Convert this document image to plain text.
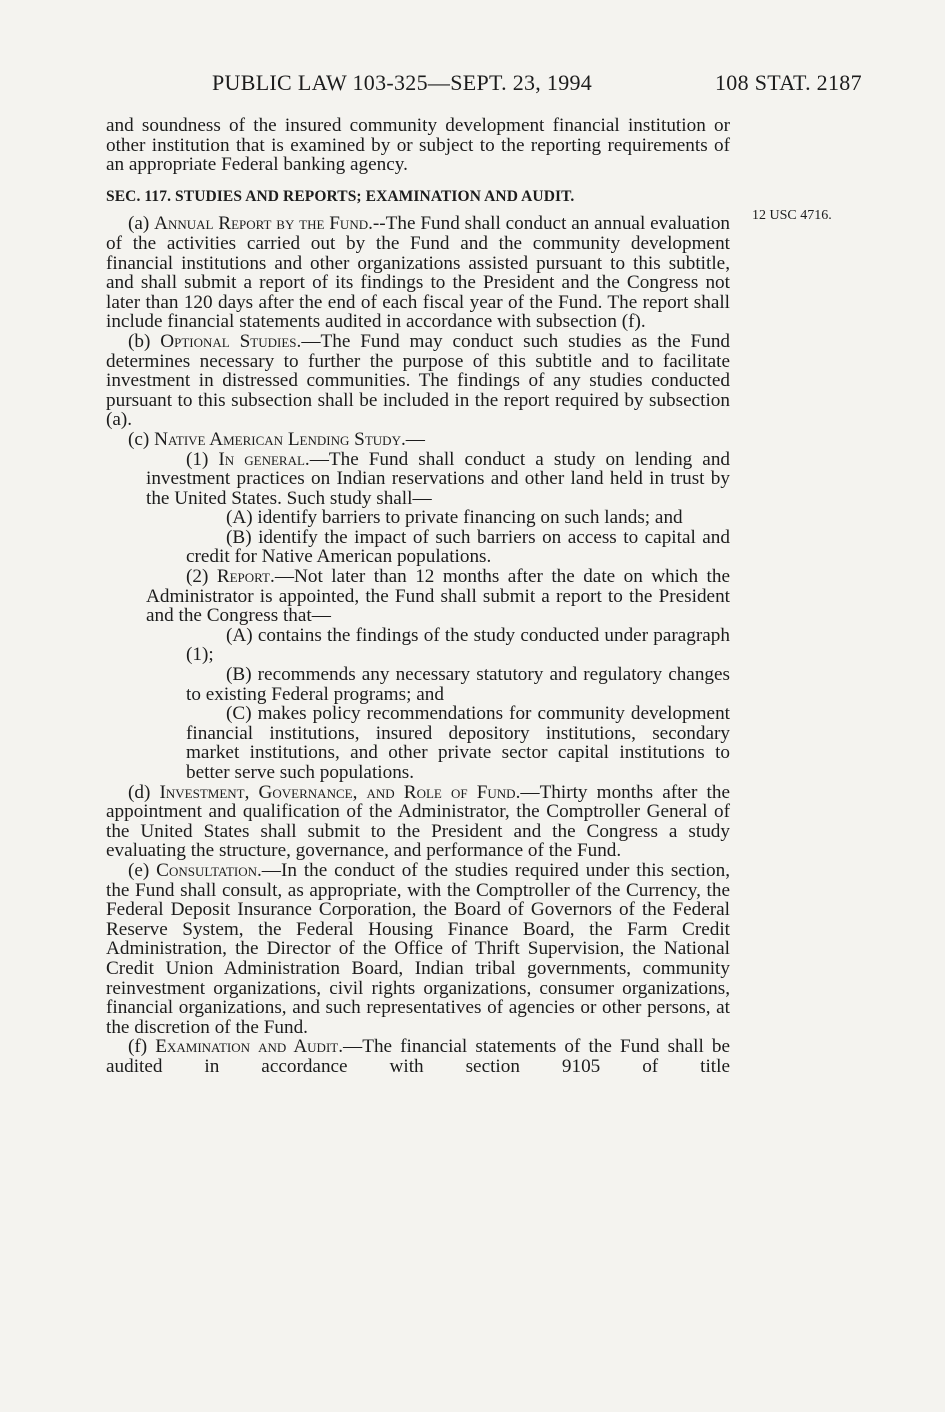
PUBLIC LAW 103-325—SEPT. 23, 1994	108 STAT. 2187
12 USC 4716.

and soundness of the insured community development financial institution or other institution that is examined by or subject to the reporting requirements of an appropriate Federal banking agency.

SEC. 117. STUDIES AND REPORTS; EXAMINATION AND AUDIT.

(a) Annual Report by the Fund.--The Fund shall conduct an annual evaluation of the activities carried out by the Fund and the community development financial institutions and other organizations assisted pursuant to this subtitle, and shall submit a report of its findings to the President and the Congress not later than 120 days after the end of each fiscal year of the Fund. The report shall include financial statements audited in accordance with subsection (f).

(b) Optional Studies.—The Fund may conduct such studies as the Fund determines necessary to further the purpose of this subtitle and to facilitate investment in distressed communities. The findings of any studies conducted pursuant to this subsection shall be included in the report required by subsection (a).

(c) Native American Lending Study.—

(1) In general.—The Fund shall conduct a study on lending and investment practices on Indian reservations and other land held in trust by the United States. Such study shall—

(A) identify barriers to private financing on such lands; and

(B) identify the impact of such barriers on access to capital and credit for Native American populations.

(2) Report.—Not later than 12 months after the date on which the Administrator is appointed, the Fund shall submit a report to the President and the Congress that—

(A) contains the findings of the study conducted under paragraph (1);

(B) recommends any necessary statutory and regulatory changes to existing Federal programs; and

(C) makes policy recommendations for community development financial institutions, insured depository institutions, secondary market institutions, and other private sector capital institutions to better serve such populations.

(d) Investment, Governance, and Role of Fund.—Thirty months after the appointment and qualification of the Administrator, the Comptroller General of the United States shall submit to the President and the Congress a study evaluating the structure, governance, and performance of the Fund.

(e) Consultation.—In the conduct of the studies required under this section, the Fund shall consult, as appropriate, with the Comptroller of the Currency, the Federal Deposit Insurance Corporation, the Board of Governors of the Federal Reserve System, the Federal Housing Finance Board, the Farm Credit Administration, the Director of the Office of Thrift Supervision, the National Credit Union Administration Board, Indian tribal governments, community reinvestment organizations, civil rights organizations, consumer organizations, financial organizations, and such representatives of agencies or other persons, at the discretion of the Fund.

(f) Examination and Audit.—The financial statements of the Fund shall be audited in accordance with section 9105 of title
